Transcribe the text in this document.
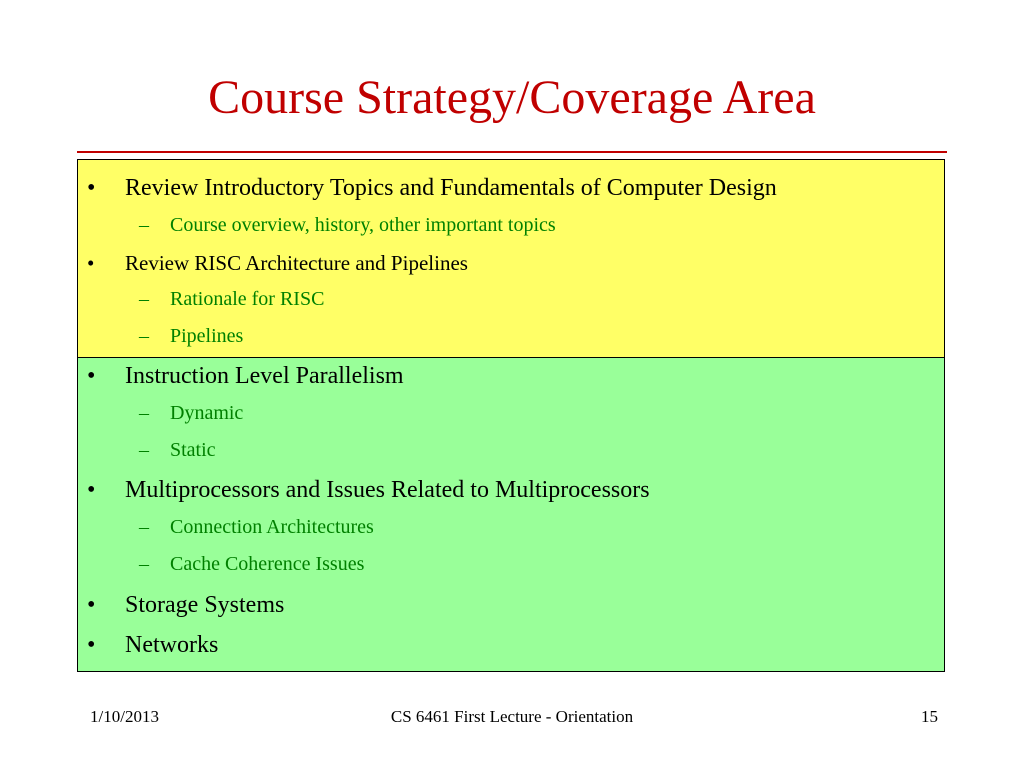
Course Strategy/Coverage Area
• Review Introductory Topics and Fundamentals of Computer Design
– Course overview, history, other important topics
• Review RISC Architecture and Pipelines
– Rationale for RISC
– Pipelines
• Instruction Level Parallelism
– Dynamic
– Static
• Multiprocessors and Issues Related to Multiprocessors
– Connection Architectures
– Cache Coherence Issues
• Storage Systems
• Networks
1/10/2013	CS 6461 First Lecture - Orientation	15
